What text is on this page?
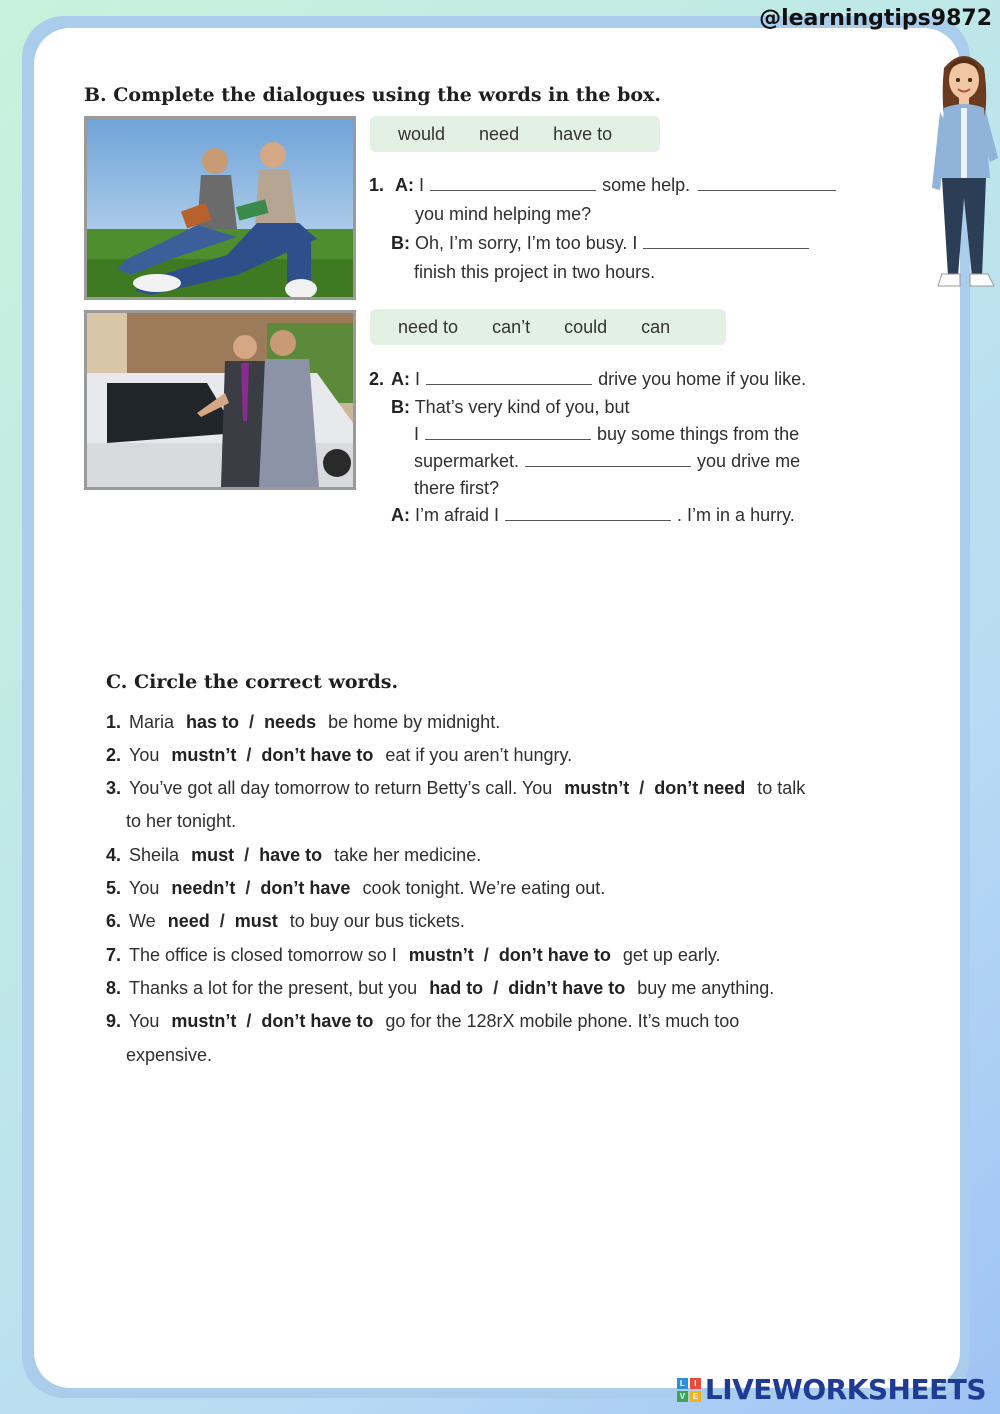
@learningtips9872
B. Complete the dialogues using the words in the box.
would need have to
1. A: I	some help.
you mind helping me?
B: Oh, I’m sorry, I’m too busy. I
finish this project in two hours.
need to can’t could can
2. A: I	drive you home if you like.
B: That’s very kind of you, but
I	buy some things from the
supermarket.	you drive me
there first?
A: I’m afraid I	. I’m in a hurry.
C. Circle the correct words.
1. Maria has to / needs be home by midnight.
2. You mustn’t / don’t have to eat if you aren’t hungry.
3. You’ve got all day tomorrow to return Betty’s call. You mustn’t / don’t need to talk
to her tonight.
4. Sheila must / have to take her medicine.
5. You needn’t / don’t have cook tonight. We’re eating out.
6. We need / must to buy our bus tickets.
7. The office is closed tomorrow so I mustn’t / don’t have to get up early.
8. Thanks a lot for the present, but you had to / didn’t have to buy me anything.
9. You mustn’t / don’t have to go for the 128rX mobile phone. It’s much too
expensive.
L	I
V E LIVEWORKSHEETS
